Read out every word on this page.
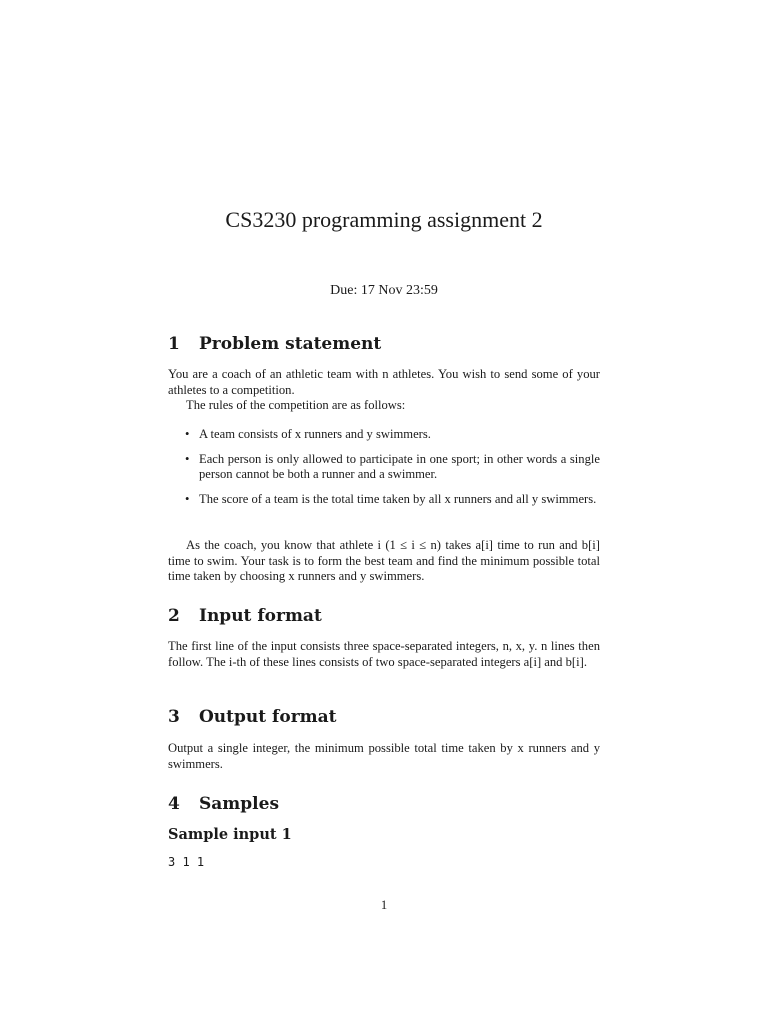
CS3230 programming assignment 2
Due: 17 Nov 23:59
1 Problem statement

You are a coach of an athletic team with n athletes. You wish to send some of your athletes to a competition.

The rules of the competition are as follows:

• A team consists of x runners and y swimmers.
• Each person is only allowed to participate in one sport; in other words a single person cannot be both a runner and a swimmer.
• The score of a team is the total time taken by all x runners and all y swimmers.

As the coach, you know that athlete i (1 ≤ i ≤ n) takes a[i] time to run and b[i] time to swim. Your task is to form the best team and find the minimum possible total time taken by choosing x runners and y swimmers.

2 Input format

The first line of the input consists three space-separated integers, n, x, y. n lines then follow. The i-th of these lines consists of two space-separated integers a[i] and b[i].

3 Output format

Output a single integer, the minimum possible total time taken by x runners and y swimmers.

4 Samples
Sample input 1
3 1 1
1
